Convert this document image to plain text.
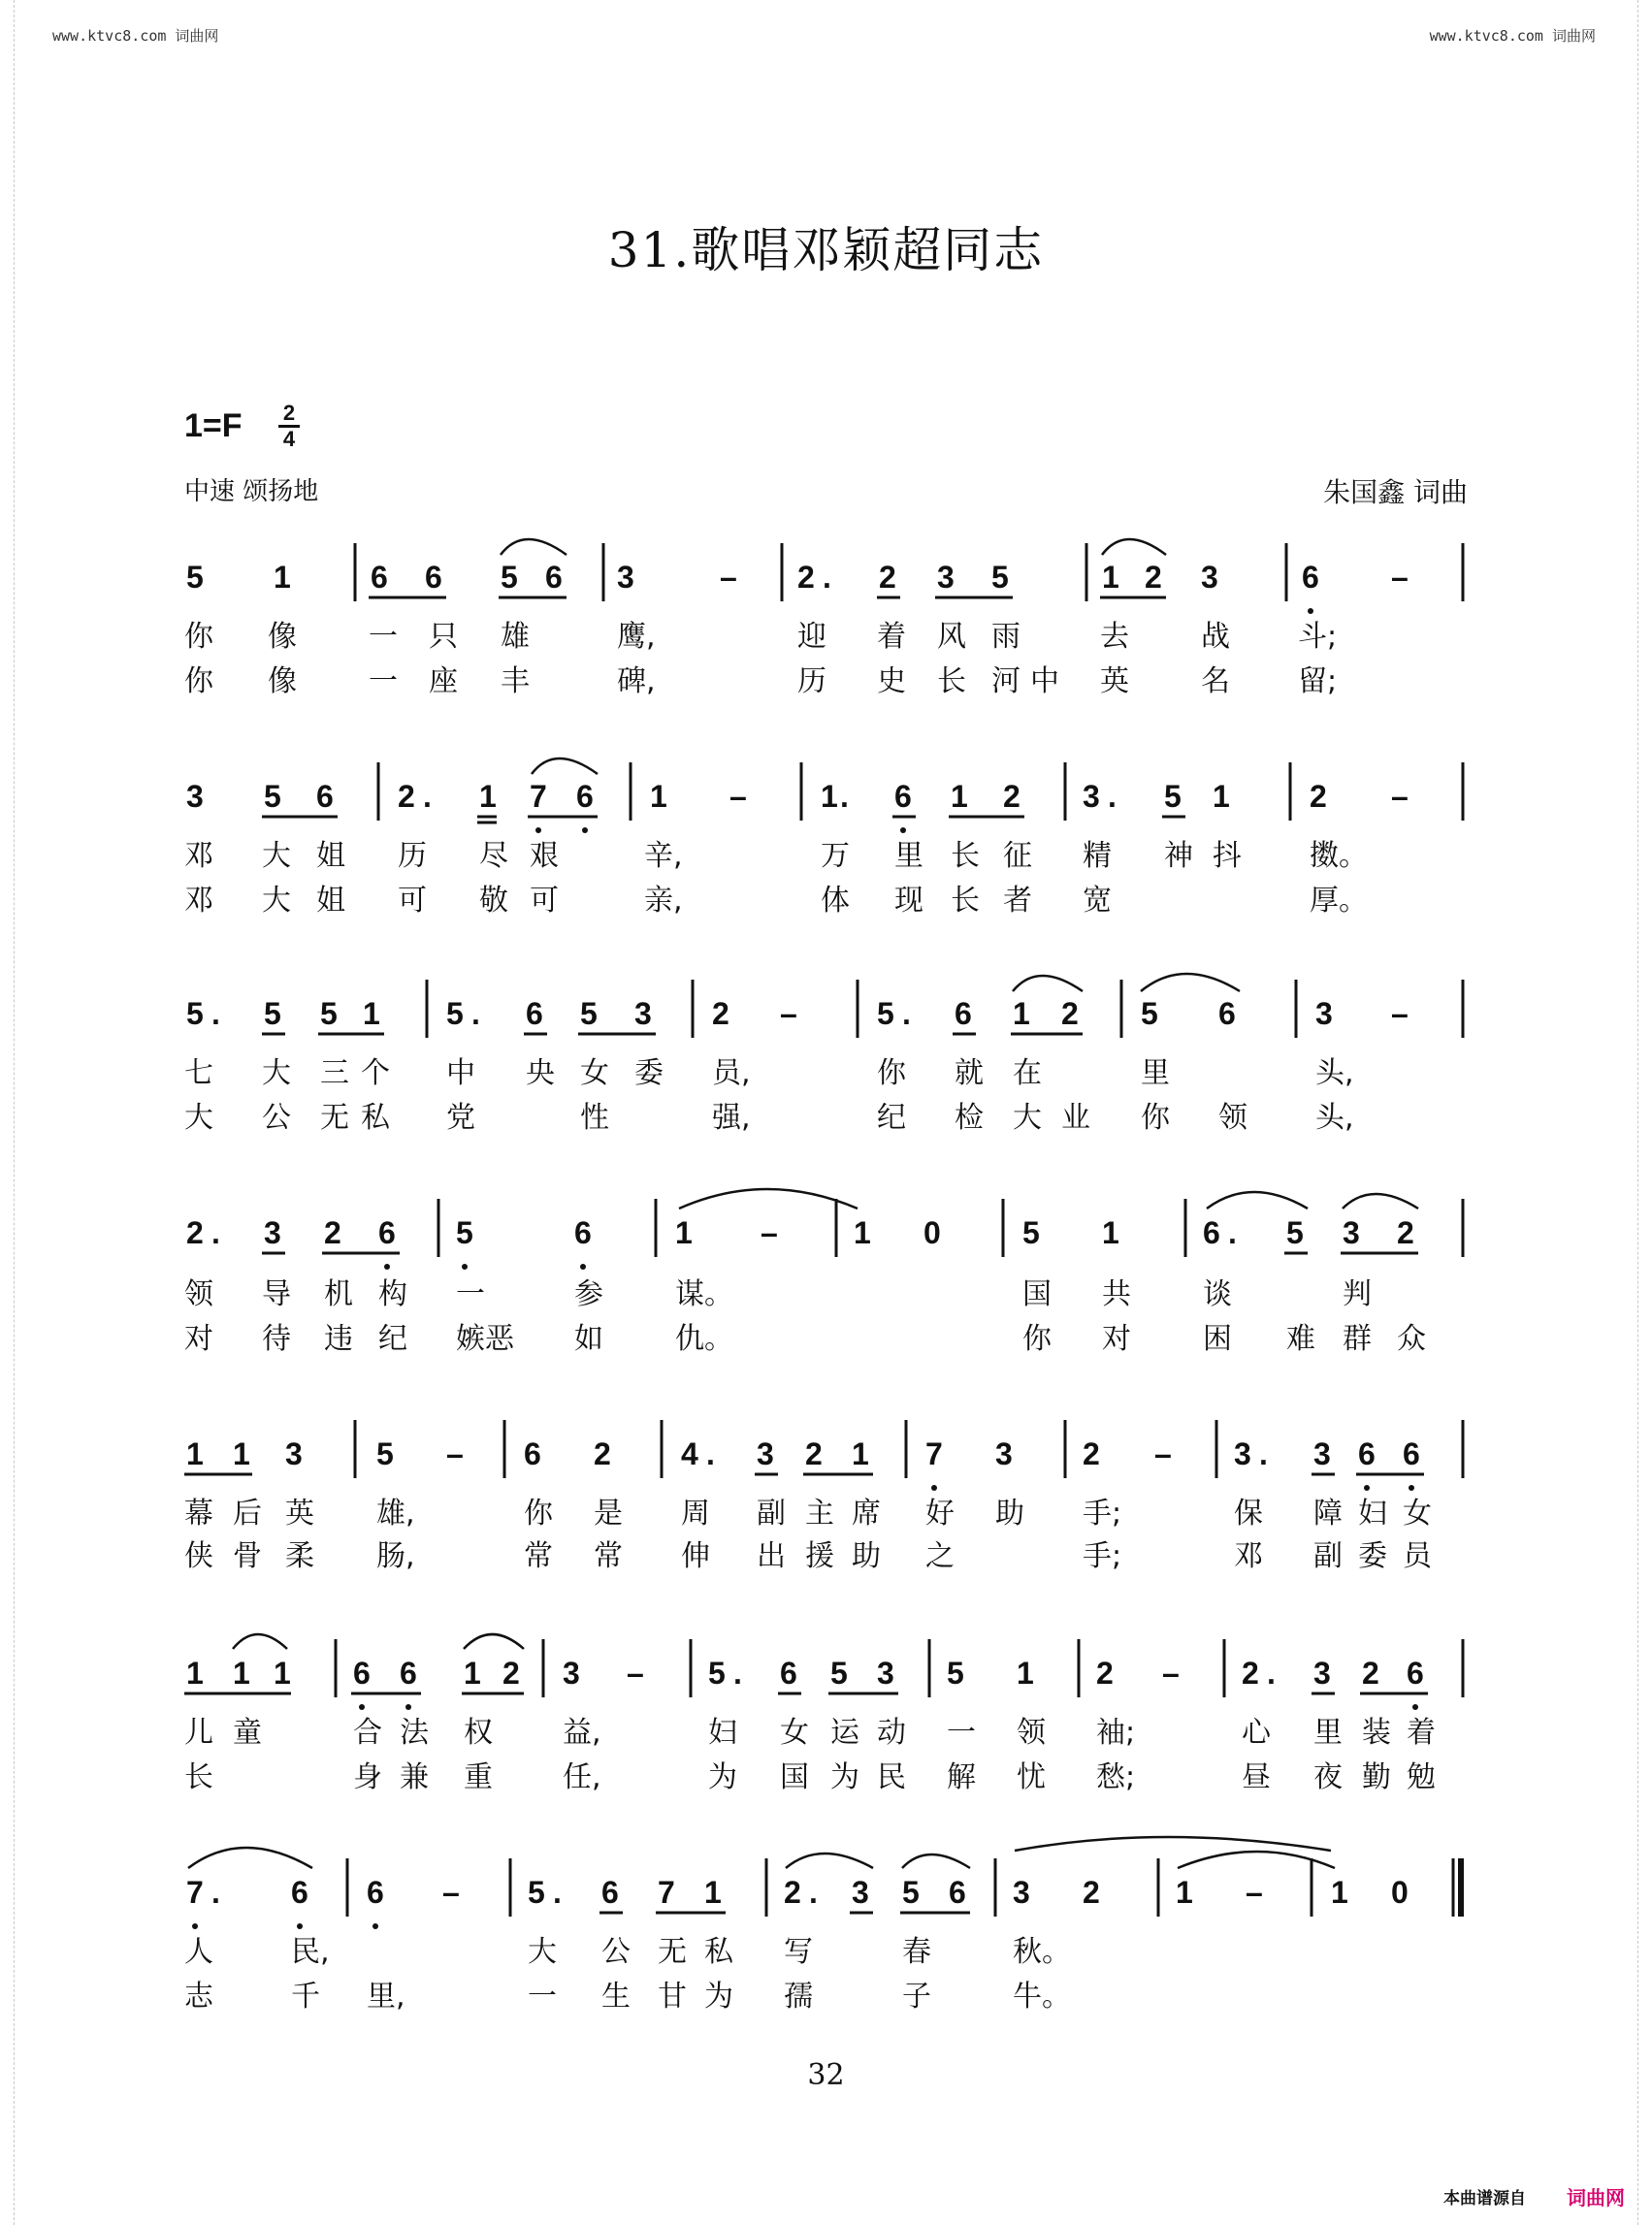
www.ktvc8.com 词曲网	www.ktvc8.com 词曲网
31.歌唱邓颖超同志
1=F 2
4
中速 颂扬地	朱国鑫 词曲
5 1	6 6 5 6 3	– 2 . 2 3 5	1 2 3	6 –
你 像 一 只 雄	鹰,	迎 着 风 雨	去 战 斗;
你 像 一 座 丰	碑,	历 史 长 河 中 英 名 留;
3 5 6 2 . 1 7 6 1 – 1 . 6 1 2 3 . 5 1	2 –
邓 大 姐 历 尽 艰	辛,	万 里 长 征 精 神 抖 擞。
邓 大 姐 可 敬 可	亲,	体 现 长 者 宽	厚。
5 . 5 5 1 5 . 6 5 3 2 –	5 . 6 1 2 5 6	3 –
七 大 三 个 中 央 女 委 员,	你 就 在	里	头,
大 公 无 私 党	性	强,	纪 检 大 业 你 领 头,
2 . 3 2 6 5	6	1 – 1 0	5 1	6 . 5 3 2
领 导 机 构 一	参 谋。	国 共 谈	判
对 待 违 纪 嫉恶 如 仇。	你 对 困 难 群 众
1 1 3 5 – 6 2 4 . 3 2 1 7 3 2 – 3 . 3 6 6
幕 后 英 雄,	你 是 周 副 主 席 好 助 手;	保 障 妇 女
侠 骨 柔 肠,	常 常 伸 出 援 助 之	手;	邓 副 委 员
1 1 1 6 6 1 2 3 – 5 . 6 5 3 5 1 2 – 2 . 3 2 6
儿 童	合 法 权 益,	妇 女 运 动 一 领 袖;	心 里 装 着
长	身 兼 重 任,	为 国 为 民 解 忧 愁;	昼 夜 勤 勉
7 . 6 6 – 5 . 6 7 1 2 . 3 5 6 3 2 1 – 1 0
人	民,	大 公 无 私 写	春	秋。
志	千 里,	一 生 甘 为 孺	子	牛。
32
本曲谱源自 词曲网
